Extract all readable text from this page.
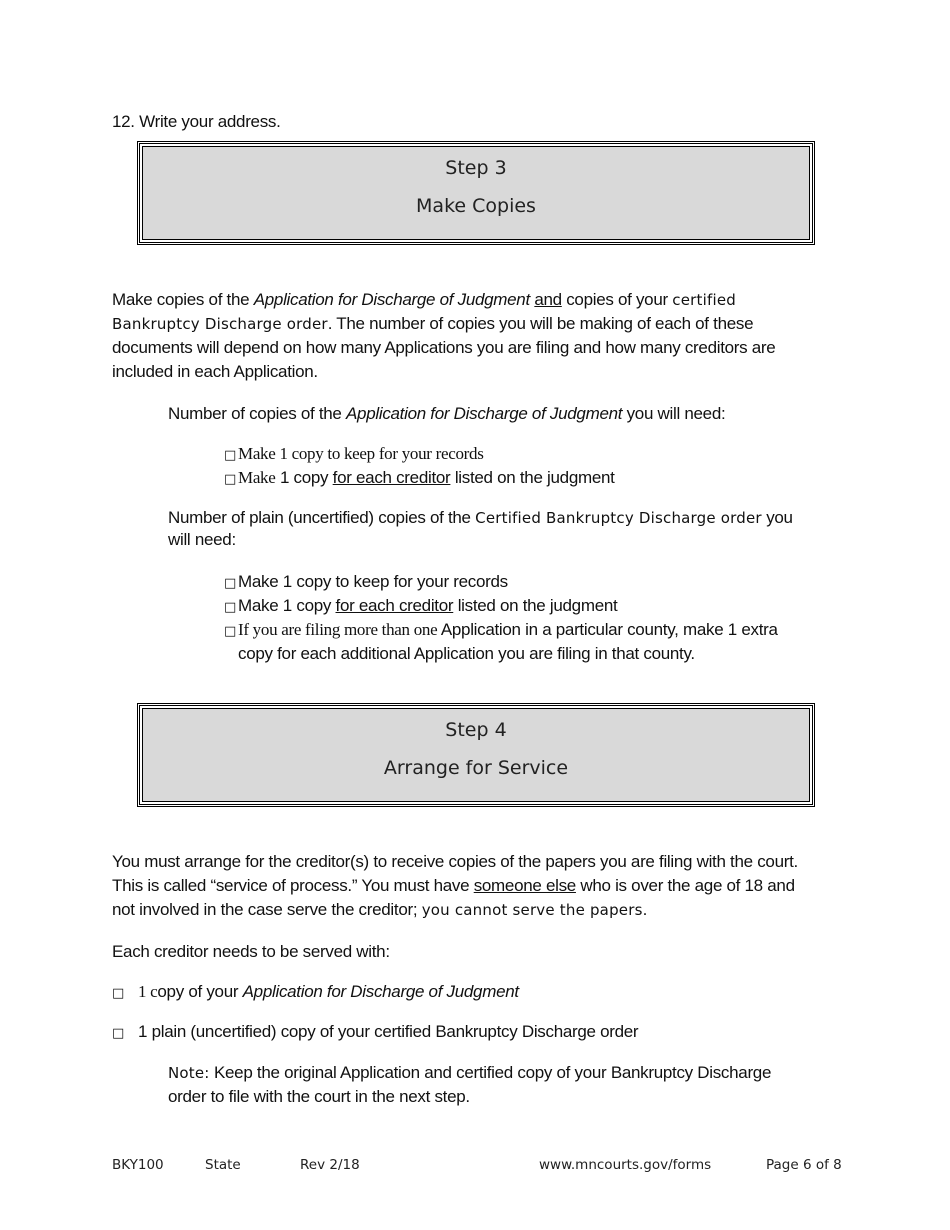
12. Write your address.
Step 3
Make Copies
Make copies of the Application for Discharge of Judgment and copies of your certified
Bankruptcy Discharge order. The number of copies you will be making of each of these
documents will depend on how many Applications you are filing and how many creditors are
included in each Application.
Number of copies of the Application for Discharge of Judgment you will need:
□ Make 1 copy to keep for your records
□ Make 1 copy for each creditor listed on the judgment
Number of plain (uncertified) copies of the Certified Bankruptcy Discharge order you
will need:
□ Make 1 copy to keep for your records
□ Make 1 copy for each creditor listed on the judgment
□ If you are filing more than one Application in a particular county, make 1 extra
copy for each additional Application you are filing in that county.
Step 4
Arrange for Service
You must arrange for the creditor(s) to receive copies of the papers you are filing with the court.
This is called “service of process.” You must have someone else who is over the age of 18 and
not involved in the case serve the creditor; you cannot serve the papers.
Each creditor needs to be served with:
□ 1 copy of your Application for Discharge of Judgment
□ 1 plain (uncertified) copy of your certified Bankruptcy Discharge order
Note: Keep the original Application and certified copy of your Bankruptcy Discharge
order to file with the court in the next step.
BKY100	State	Rev 2/18	www.mncourts.gov/forms	Page 6 of 8
